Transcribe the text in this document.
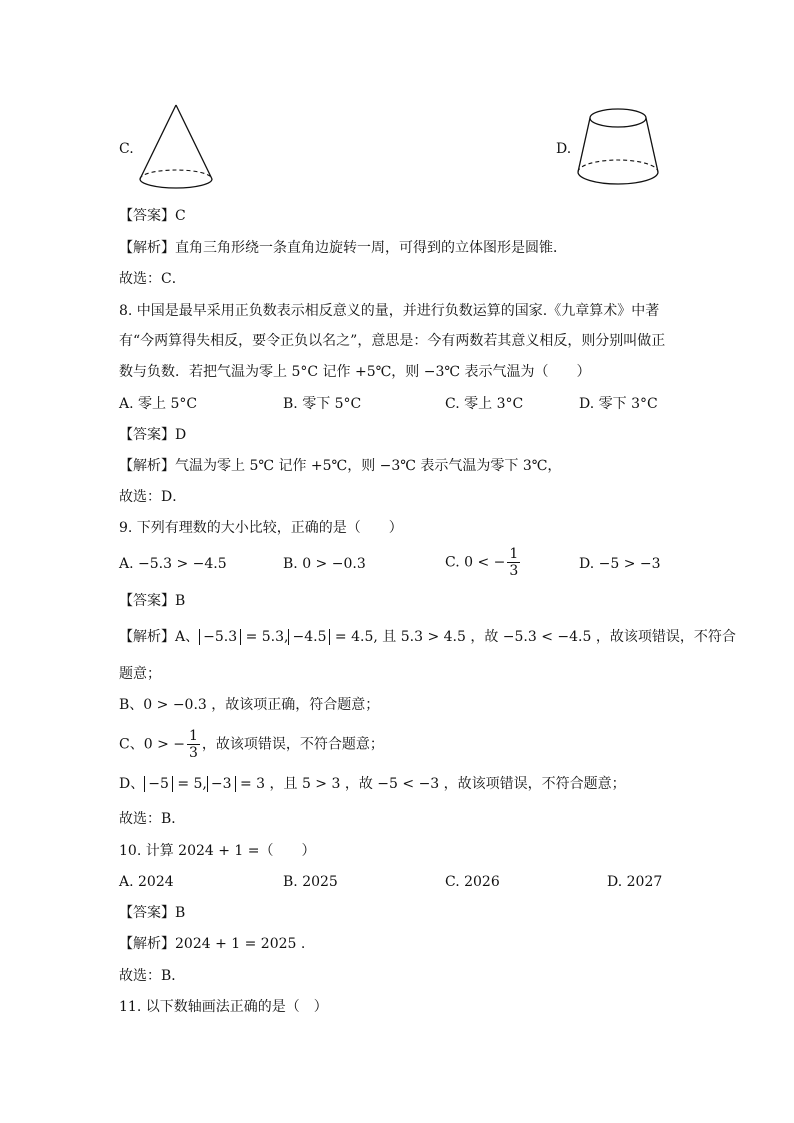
C.	D.
【答案】C
【解析】直角三角形绕一条直角边旋转一周，可得到的立体图形是圆锥．
故选：C．
8. 中国是最早采用正负数表示相反意义的量，并进行负数运算的国家.《九章算术》中著
有“今两算得失相反，要令正负以名之”，意思是：今有两数若其意义相反，则分别叫做正
数与负数．若把气温为零上 5°C 记作 +5℃，则 −3℃ 表示气温为（　　）
A. 零上 5°C	B. 零下 5°C	C. 零上 3°C	D. 零下 3°C
【答案】D
【解析】气温为零上 5℃ 记作 +5℃，则 −3℃ 表示气温为零下 3℃，
故选：D．
9. 下列有理数的大小比较，正确的是（　　）
A. −5.3 > −4.5	B. 0 > −0.3	C. 0 < − $\frac{1}{3}$	D. −5 > −3
【答案】B
【解析】A、 −5.3 = 5.3, −4.5 = 4.5, 且 5.3 > 4.5 ，故 −5.3 < −4.5 ，故该项错误，不符合
题意；
B、0 > −0.3 ，故该项正确，符合题意；
C、0 > − $\frac{1}{3}$ ，故该项错误，不符合题意；
D、 −5 = 5, −3 = 3 ，且 5 > 3 ，故 −5 < −3 ，故该项错误，不符合题意；
故选：B．
10. 计算 2024 + 1 =（　　）
A. 2024	B. 2025	C. 2026	D. 2027
【答案】B
【解析】2024 + 1 = 2025 .
故选：B．
11. 以下数轴画法正确的是（　）
